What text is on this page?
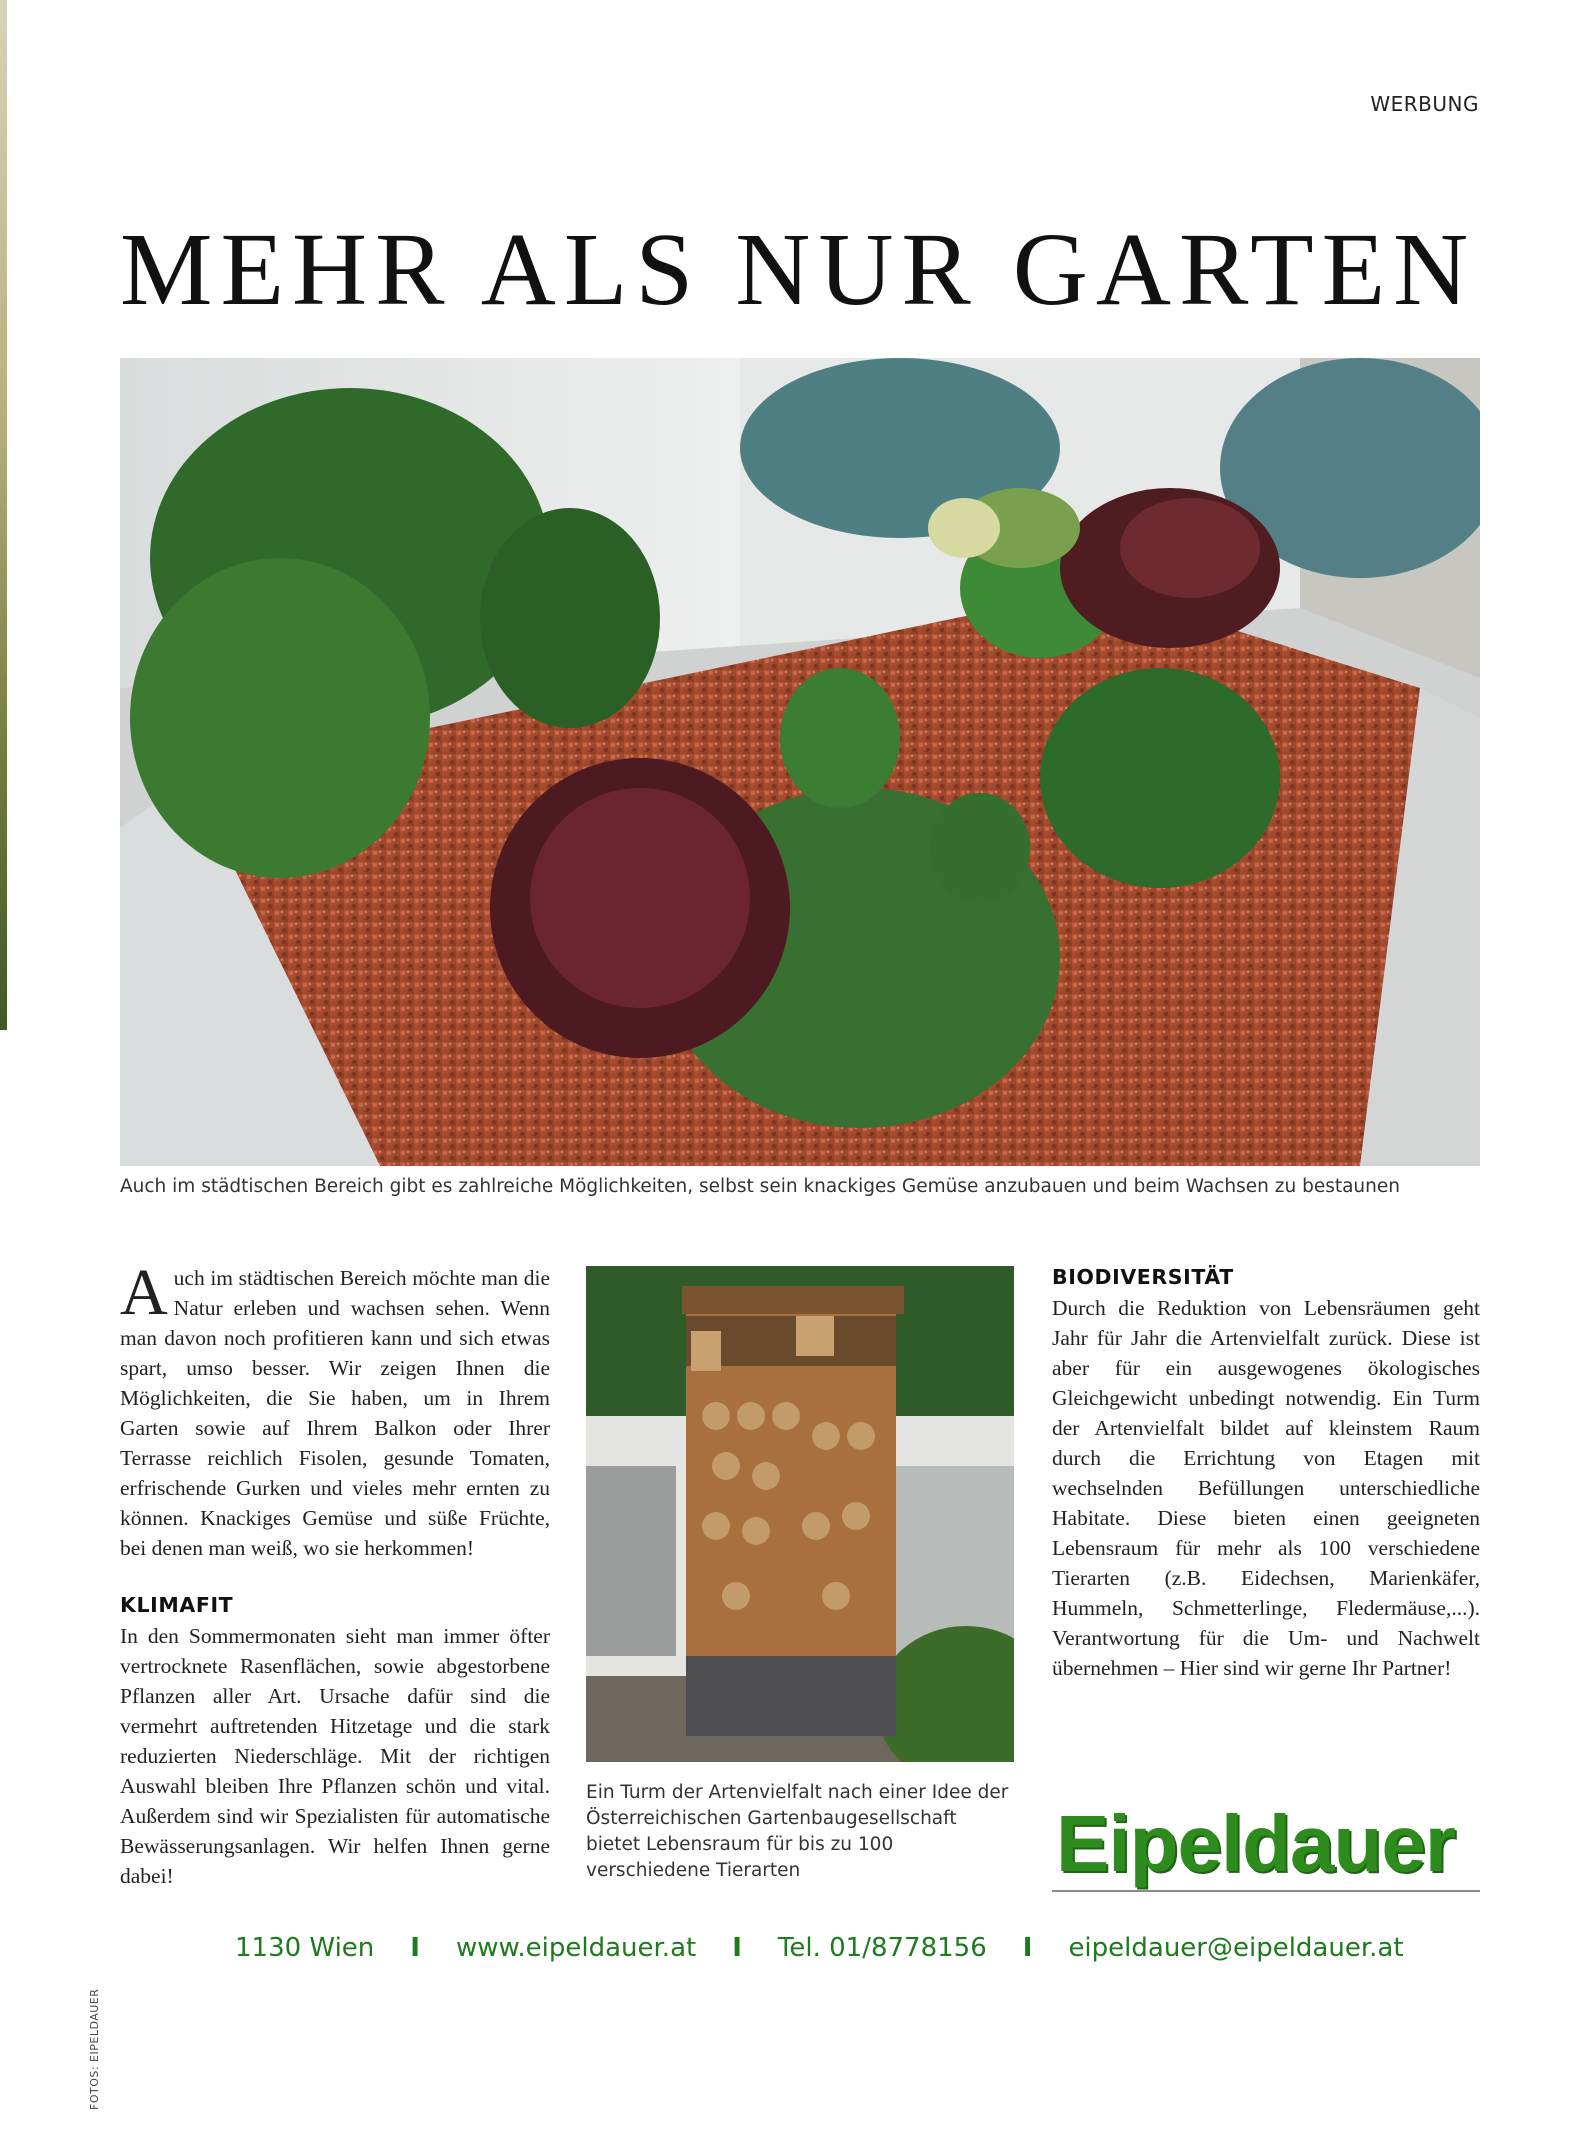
WERBUNG
MEHR ALS NUR GARTEN
Auch im städtischen Bereich gibt es zahlreiche Möglichkeiten, selbst sein knackiges Gemüse anzubauen und beim Wachsen zu bestaunen

Auch im städtischen Bereich möchte man die Natur erleben und wachsen sehen. Wenn man davon noch profitieren kann und sich etwas spart, umso besser. Wir zeigen Ihnen die Möglichkeiten, die Sie haben, um in Ihrem Garten sowie auf Ihrem Balkon oder Ihrer Terrasse reichlich Fisolen, gesunde Tomaten, erfrischende Gurken und vieles mehr ernten zu können. Knackiges Gemüse und süße Früchte, bei denen man weiß, wo sie herkommen!

KLIMAFIT

In den Sommermonaten sieht man immer öfter vertrocknete Rasenflächen, sowie abgestorbene Pflanzen aller Art. Ursache dafür sind die vermehrt auftretenden Hitzetage und die stark reduzierten Niederschläge. Mit der richtigen Auswahl bleiben Ihre Pflanzen schön und vital. Außerdem sind wir Spezialisten für automatische Bewässerungsanlagen. Wir helfen Ihnen gerne dabei!

Ein Turm der Artenvielfalt nach einer Idee der Österreichischen Gartenbaugesellschaft bietet Lebensraum für bis zu 100 verschiedene Tierarten
BIODIVERSITÄT

Durch die Reduktion von Lebensräumen geht Jahr für Jahr die Artenvielfalt zurück. Diese ist aber für ein ausgewogenes ökologisches Gleichgewicht unbedingt notwendig. Ein Turm der Artenvielfalt bildet auf kleinstem Raum durch die Errichtung von Etagen mit wechselnden Befüllungen unterschiedliche Habitate. Diese bieten einen geeigneten Lebensraum für mehr als 100 verschiedene Tierarten (z.B. Eidechsen, Marienkäfer, Hummeln, Schmetterlinge, Fledermäuse,...). Verantwortung für die Um- und Nachwelt übernehmen – Hier sind wir gerne Ihr Partner!

Eipeldauer
1130 Wien I www.eipeldauer.at I Tel. 01/8778156 I eipeldauer@eipeldauer.at
FOTOS: EIPELDAUER
